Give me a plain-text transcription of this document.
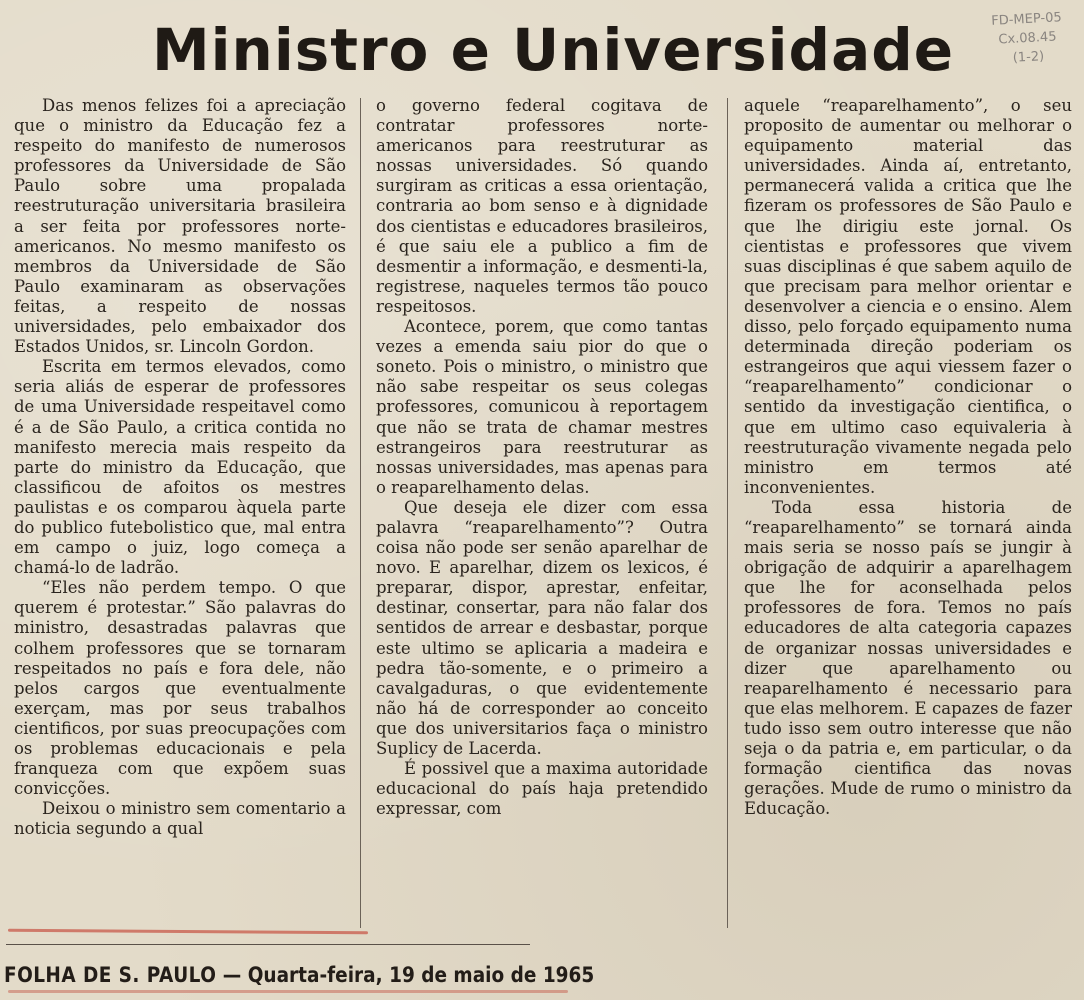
Ministro e Universidade	FD-MEP-05
Cx.08.45
(1-2)

Das menos felizes foi a apreciação que o ministro da Educação fez a respeito do manifesto de numerosos professores da Universidade de São Paulo sobre uma propalada reestruturação universitaria brasileira a ser feita por professores norte-americanos. No mesmo manifesto os membros da Universidade de São Paulo examinaram as observações feitas, a respeito de nossas universidades, pelo embaixador dos Estados Unidos, sr. Lincoln Gordon.

Escrita em termos elevados, como seria aliás de esperar de professores de uma Universidade respeitavel como é a de São Paulo, a critica contida no manifesto merecia mais respeito da parte do ministro da Educação, que classificou de afoitos os mestres paulistas e os comparou àquela parte do publico futebolistico que, mal entra em campo o juiz, logo começa a chamá-lo de ladrão.

“Eles não perdem tempo. O que querem é protestar.” São palavras do ministro, desastradas palavras que colhem professores que se tornaram respeitados no país e fora dele, não pelos cargos que eventualmente exerçam, mas por seus trabalhos cientificos, por suas preocupações com os problemas educacionais e pela franqueza com que expõem suas convicções.

Deixou o ministro sem comentario a noticia segundo a qual

o governo federal cogitava de contratar professores norte-americanos para reestruturar as nossas universidades. Só quando surgiram as criticas a essa orientação, contraria ao bom senso e à dignidade dos cientistas e educadores brasileiros, é que saiu ele a publico a fim de desmentir a informação, e desmenti-la, registrese, naqueles termos tão pouco respeitosos.

Acontece, porem, que como tantas vezes a emenda saiu pior do que o soneto. Pois o ministro, o ministro que não sabe respeitar os seus colegas professores, comunicou à reportagem que não se trata de chamar mestres estrangeiros para reestruturar as nossas universidades, mas apenas para o reaparelhamento delas.

Que deseja ele dizer com essa palavra “reaparelhamento”? Outra coisa não pode ser senão aparelhar de novo. E aparelhar, dizem os lexicos, é preparar, dispor, aprestar, enfeitar, destinar, consertar, para não falar dos sentidos de arrear e desbastar, porque este ultimo se aplicaria a madeira e pedra tão-somente, e o primeiro a cavalgaduras, o que evidentemente não há de corresponder ao conceito que dos universitarios faça o ministro Suplicy de Lacerda.

É possivel que a maxima autoridade educacional do país haja pretendido expressar, com

aquele “reaparelhamento”, o seu proposito de aumentar ou melhorar o equipamento material das universidades. Ainda aí, entretanto, permanecerá valida a critica que lhe fizeram os professores de São Paulo e que lhe dirigiu este jornal. Os cientistas e professores que vivem suas disciplinas é que sabem aquilo de que precisam para melhor orientar e desenvolver a ciencia e o ensino. Alem disso, pelo forçado equipamento numa determinada direção poderiam os estrangeiros que aqui viessem fazer o “reaparelhamento” condicionar o sentido da investigação cientifica, o que em ultimo caso equivaleria à reestruturação vivamente negada pelo ministro em termos até inconvenientes.

Toda essa historia de “reaparelhamento” se tornará ainda mais seria se nosso país se jungir à obrigação de adquirir a aparelhagem que lhe for aconselhada pelos professores de fora. Temos no país educadores de alta categoria capazes de organizar nossas universidades e dizer que aparelhamento ou reaparelhamento é necessario para que elas melhorem. E capazes de fazer tudo isso sem outro interesse que não seja o da patria e, em particular, o da formação cientifica das novas gerações. Mude de rumo o ministro da Educação.

FOLHA DE S. PAULO — Quarta-feira, 19 de maio de 1965
